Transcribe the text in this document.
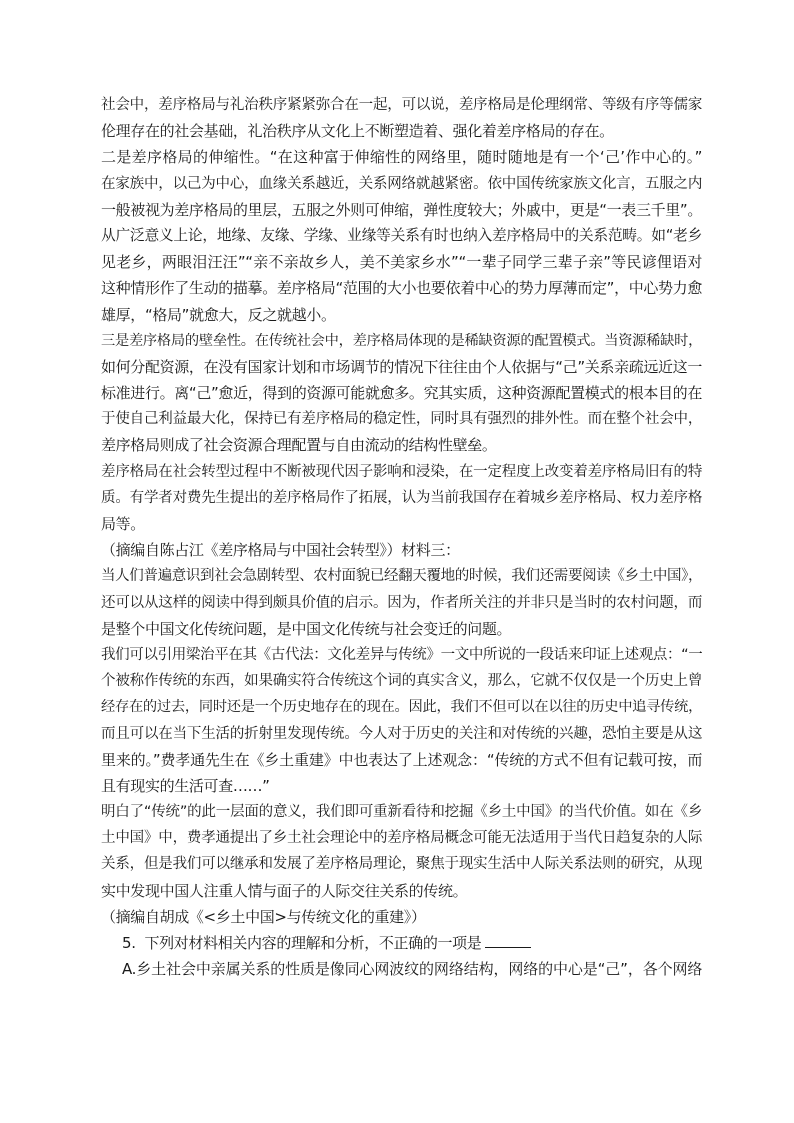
社会中，差序格局与礼治秩序紧紧弥合在一起，可以说，差序格局是伦理纲常、等级有序等儒家
伦理存在的社会基础，礼治秩序从文化上不断塑造着、强化着差序格局的存在。
二是差序格局的伸缩性。“在这种富于伸缩性的网络里，随时随地是有一个‘己’作中心的。”
在家族中，以己为中心，血缘关系越近，关系网络就越紧密。依中国传统家族文化言，五服之内
一般被视为差序格局的里层，五服之外则可伸缩，弹性度较大；外戚中，更是“一表三千里”。
从广泛意义上论，地缘、友缘、学缘、业缘等关系有时也纳入差序格局中的关系范畴。如“老乡
见老乡，两眼泪汪汪”“亲不亲故乡人，美不美家乡水”“一辈子同学三辈子亲”等民谚俚语对
这种情形作了生动的描摹。差序格局“范围的大小也要依着中心的势力厚薄而定”，中心势力愈
雄厚，“格局”就愈大，反之就越小。
三是差序格局的壁垒性。在传统社会中，差序格局体现的是稀缺资源的配置模式。当资源稀缺时，
如何分配资源，在没有国家计划和市场调节的情况下往往由个人依据与“己”关系亲疏远近这一
标准进行。离“己”愈近，得到的资源可能就愈多。究其实质，这种资源配置模式的根本目的在
于使自己利益最大化，保持已有差序格局的稳定性，同时具有强烈的排外性。而在整个社会中，
差序格局则成了社会资源合理配置与自由流动的结构性壁垒。
差序格局在社会转型过程中不断被现代因子影响和浸染，在一定程度上改变着差序格局旧有的特
质。有学者对费先生提出的差序格局作了拓展，认为当前我国存在着城乡差序格局、权力差序格
局等。
（摘编自陈占江《差序格局与中国社会转型》）材料三：
当人们普遍意识到社会急剧转型、农村面貌已经翻天覆地的时候，我们还需要阅读《乡土中国》，
还可以从这样的阅读中得到颇具价值的启示。因为，作者所关注的并非只是当时的农村问题，而
是整个中国文化传统问题，是中国文化传统与社会变迁的问题。
我们可以引用梁治平在其《古代法：文化差异与传统》一文中所说的一段话来印证上述观点：“一
个被称作传统的东西，如果确实符合传统这个词的真实含义，那么，它就不仅仅是一个历史上曾
经存在的过去，同时还是一个历史地存在的现在。因此，我们不但可以在以往的历史中追寻传统，
而且可以在当下生活的折射里发现传统。今人对于历史的关注和对传统的兴趣，恐怕主要是从这
里来的。”费孝通先生在《乡土重建》中也表达了上述观念：“传统的方式不但有记载可按，而
且有现实的生活可查……”
明白了“传统”的此一层面的意义，我们即可重新看待和挖掘《乡土中国》的当代价值。如在《乡
土中国》中，费孝通提出了乡土社会理论中的差序格局概念可能无法适用于当代日趋复杂的人际
关系，但是我们可以继承和发展了差序格局理论，聚焦于现实生活中人际关系法则的研究，从现
实中发现中国人注重人情与面子的人际交往关系的传统。
（摘编自胡成《<乡土中国>与传统文化的重建》）
5. 下列对材料相关内容的理解和分析，不正确的一项是
A.乡土社会中亲属关系的性质是像同心网波纹的网络结构，网络的中心是“己”，各个网络
